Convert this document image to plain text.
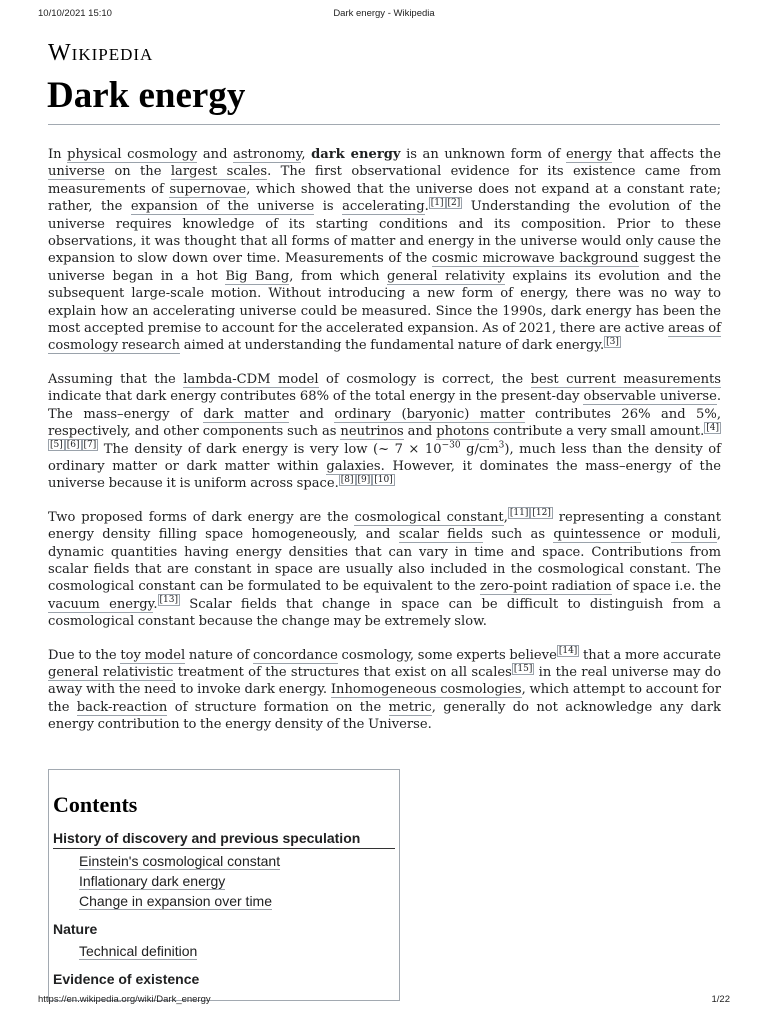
10/10/2021 15:10	Dark energy - Wikipedia
Wikipedia
Dark energy

In physical cosmology and astronomy, dark energy is an unknown form of energy that affects the universe on the largest scales. The first observational evidence for its existence came from measurements of supernovae, which showed that the universe does not expand at a constant rate; rather, the expansion of the universe is accelerating. [1] [2] Understanding the evolution of the universe requires knowledge of its starting conditions and its composition. Prior to these observations, it was thought that all forms of matter and energy in the universe would only cause the expansion to slow down over time. Measurements of the cosmic microwave background suggest the universe began in a hot Big Bang, from which general relativity explains its evolution and the subsequent large-scale motion. Without introducing a new form of energy, there was no way to explain how an accelerating universe could be measured. Since the 1990s, dark energy has been the most accepted premise to account for the accelerated expansion. As of 2021, there are active areas of cosmology research aimed at understanding the fundamental nature of dark energy. [3]

Assuming that the lambda-CDM model of cosmology is correct, the best current measurements indicate that dark energy contributes 68% of the total energy in the present-day observable universe. The mass–energy of dark matter and ordinary (baryonic) matter contributes 26% and 5%, respectively, and other components such as neutrinos and photons contribute a very small amount. [4][5] [6] [7] The density of dark energy is very low (~ $7 \times 10^{-30}$ $g/cm^3$), much less than the density of ordinary matter or dark matter within galaxies. However, it dominates the mass–energy of the universe because it is uniform across space. [8] [9] [10]

Two proposed forms of dark energy are the cosmological constant, [11] [12] representing a constant energy density filling space homogeneously, and scalar fields such as quintessence or moduli, dynamic quantities having energy densities that can vary in time and space. Contributions from scalar fields that are constant in space are usually also included in the cosmological constant. The cosmological constant can be formulated to be equivalent to the zero-point radiation of space i.e. the vacuum energy. [13] Scalar fields that change in space can be difficult to distinguish from a cosmological constant because the change may be extremely slow.

Due to the toy model nature of concordance cosmology, some experts believe [14] that a more accurate general relativistic treatment of the structures that exist on all scales [15] in the real universe may do away with the need to invoke dark energy. Inhomogeneous cosmologies, which attempt to account for the back-reaction of structure formation on the metric, generally do not acknowledge any dark energy contribution to the energy density of the Universe.

Contents
History of discovery and previous speculation
Einstein's cosmological constant
Inflationary dark energy
Change in expansion over time
Nature
Technical definition
Evidence of existence
https://en.wikipedia.org/wiki/Dark_energy	1/22
